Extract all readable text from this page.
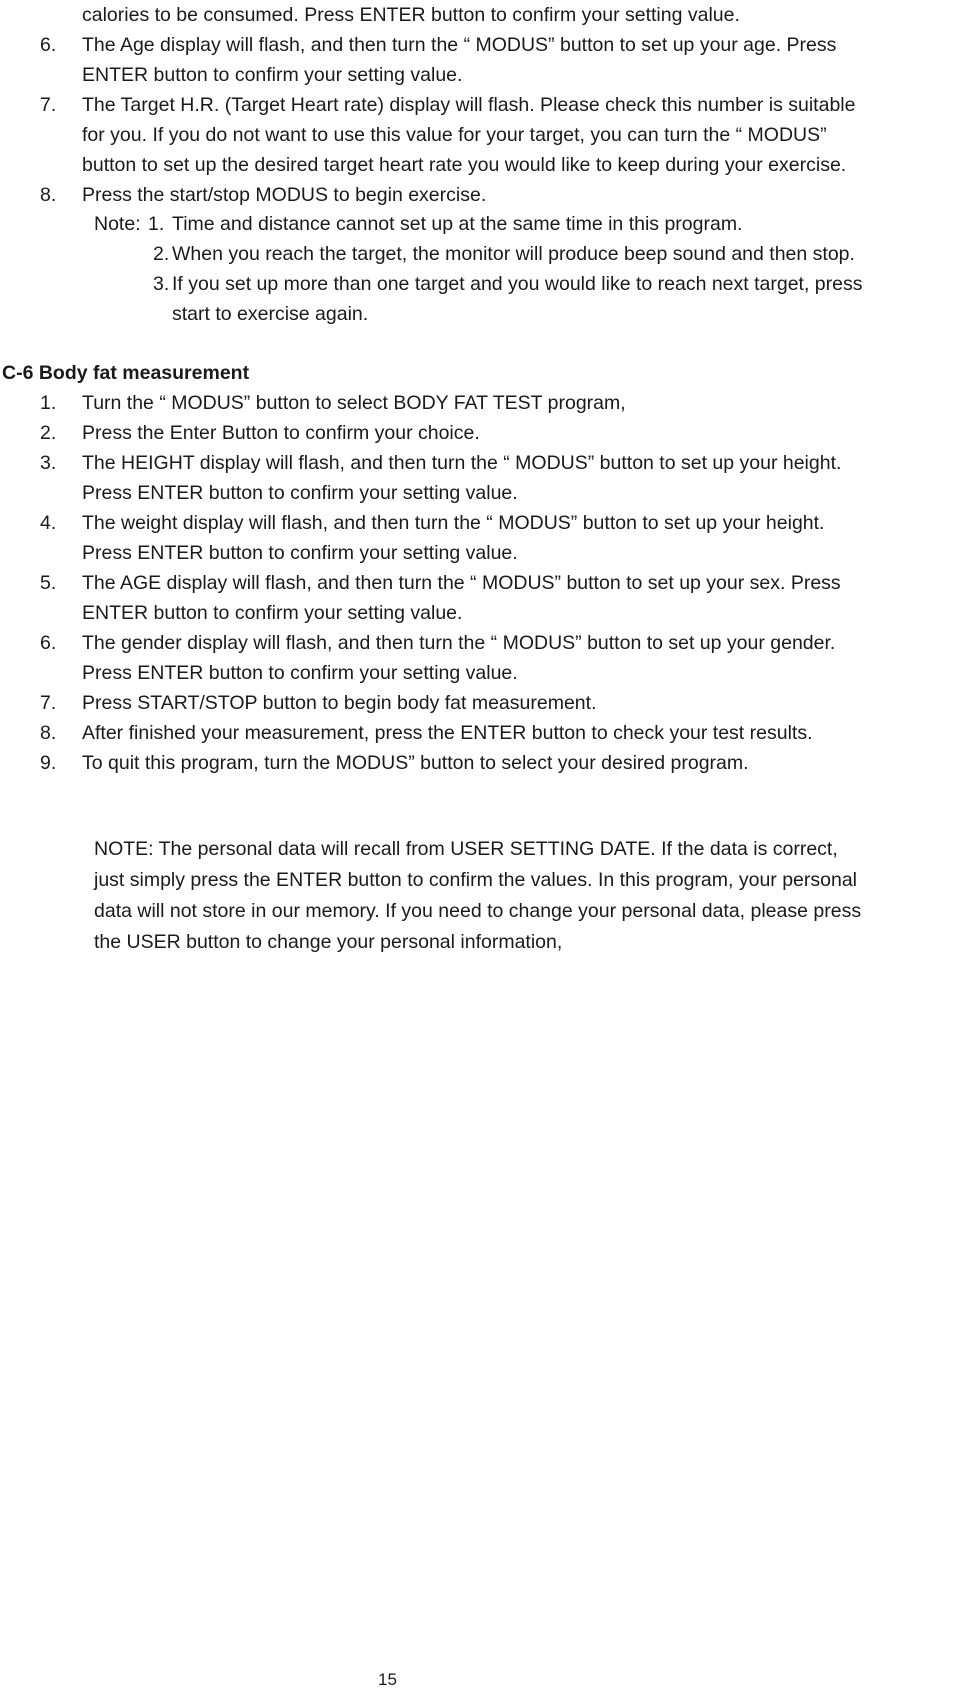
calories to be consumed. Press ENTER button to confirm your setting value.
6. The Age display will flash, and then turn the “ MODUS” button to set up your age. Press
ENTER button to confirm your setting value.
7. The Target H.R. (Target Heart rate) display will flash. Please check this number is suitable
for you. If you do not want to use this value for your target, you can turn the “ MODUS”
button to set up the desired target heart rate you would like to keep during your exercise.
8. Press the start/stop MODUS to begin exercise.
Note: 1. Time and distance cannot set up at the same time in this program.
2. When you reach the target, the monitor will produce beep sound and then stop.
3. If you set up more than one target and you would like to reach next target, press
start to exercise again.
C-6 Body fat measurement
1. Turn the “ MODUS” button to select BODY FAT TEST program,
2. Press the Enter Button to confirm your choice.
3. The HEIGHT display will flash, and then turn the “ MODUS” button to set up your height.
Press ENTER button to confirm your setting value.
4. The weight display will flash, and then turn the “ MODUS” button to set up your height.
Press ENTER button to confirm your setting value.
5. The AGE display will flash, and then turn the “ MODUS” button to set up your sex. Press
ENTER button to confirm your setting value.
6. The gender display will flash, and then turn the “ MODUS” button to set up your gender.
Press ENTER button to confirm your setting value.
7. Press START/STOP button to begin body fat measurement.
8. After finished your measurement, press the ENTER button to check your test results.
9. To quit this program, turn the MODUS” button to select your desired program.
NOTE: The personal data will recall from USER SETTING DATE. If the data is correct,
just simply press the ENTER button to confirm the values. In this program, your personal
data will not store in our memory. If you need to change your personal data, please press
the USER button to change your personal information,
15
